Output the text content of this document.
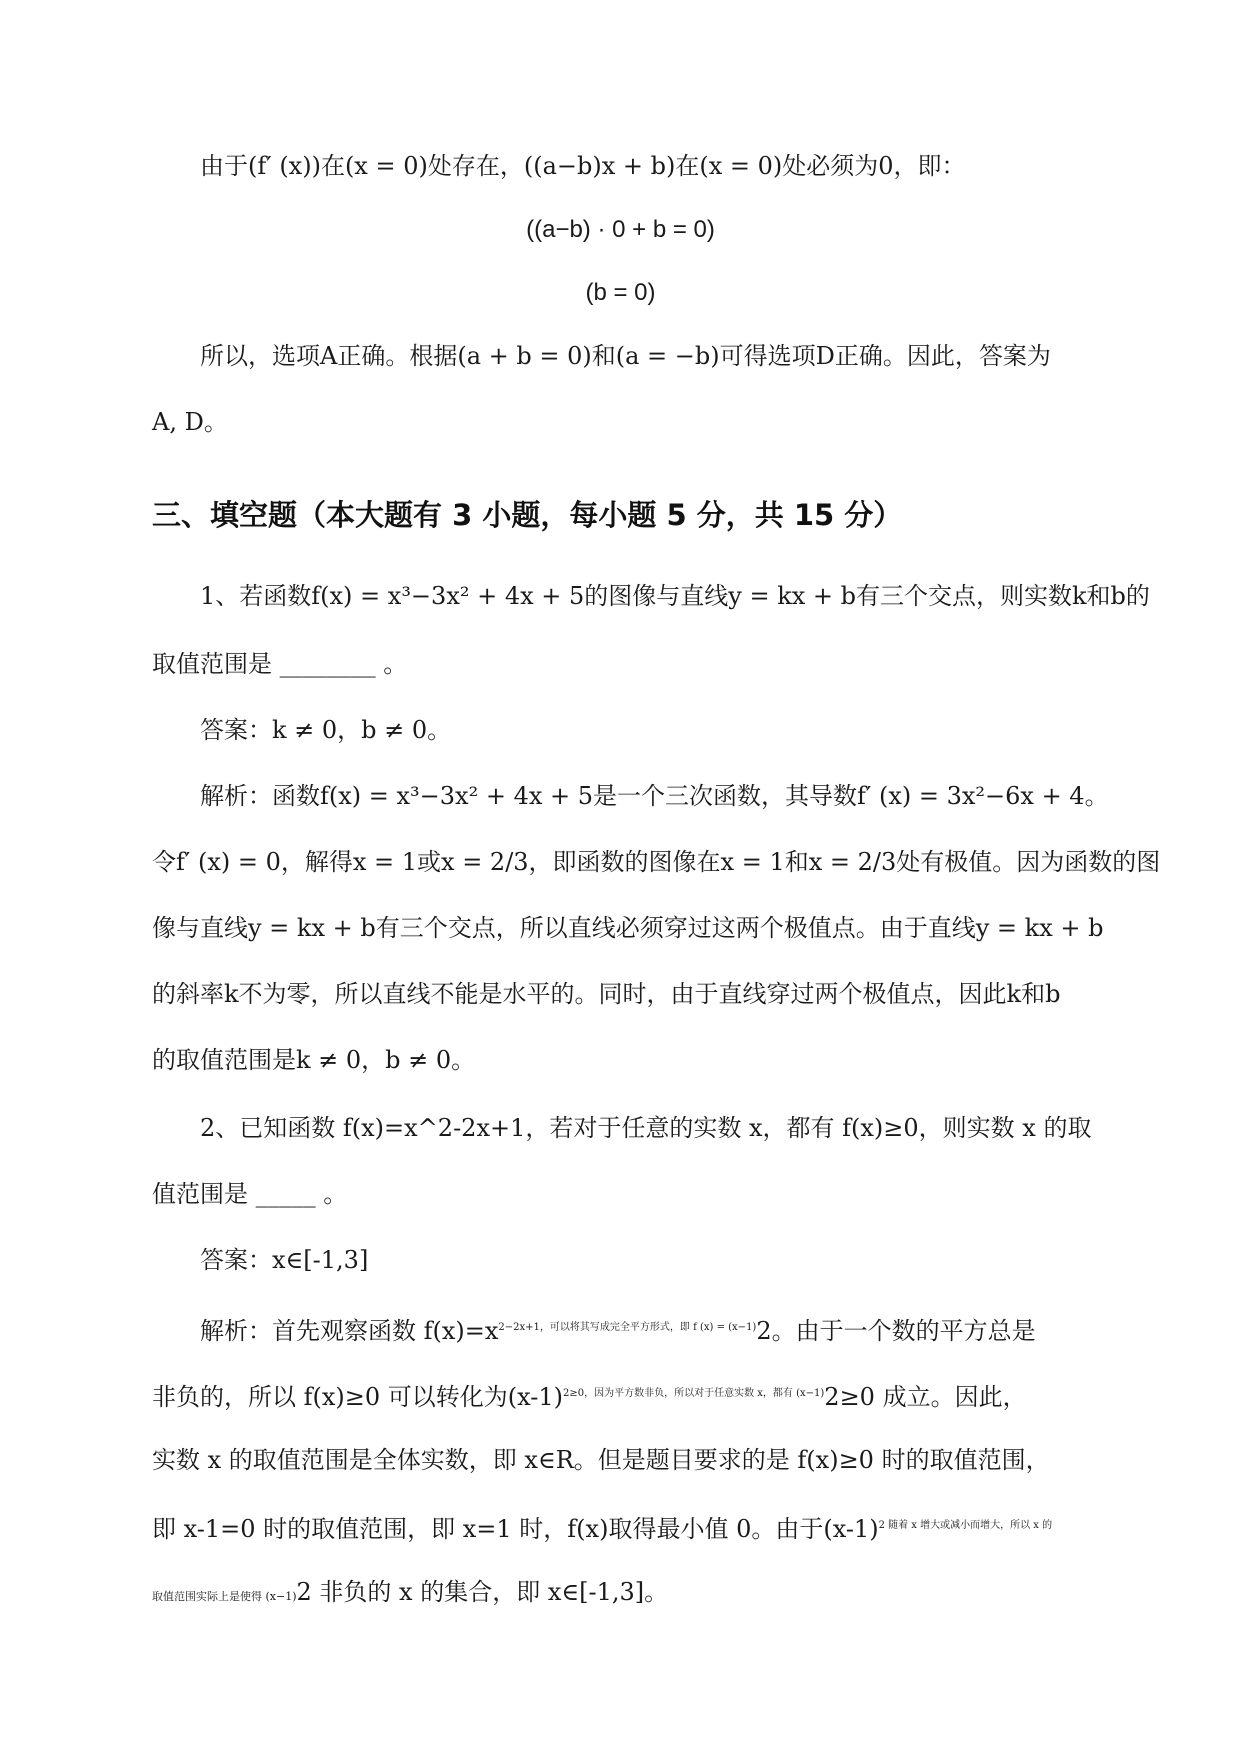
由于(f′ (x))在(x = 0)处存在，((a−b)x + b)在(x = 0)处必须为0，即：
((a−b) · 0 + b = 0)
(b = 0)
所以，选项A正确。根据(a + b = 0)和(a = −b)可得选项D正确。因此，答案为
A, D。
三、填空题（本大题有 3 小题，每小题 5 分，共 15 分）
1、若函数f(x) = x³−3x² + 4x + 5的图像与直线y = kx + b有三个交点，则实数k和b的
取值范围是 ________ 。
答案：k ≠ 0，b ≠ 0。
解析：函数f(x) = x³−3x² + 4x + 5是一个三次函数，其导数f′ (x) = 3x²−6x + 4。
令f′ (x) = 0，解得x = 1或x = 2/3，即函数的图像在x = 1和x = 2/3处有极值。因为函数的图
像与直线y = kx + b有三个交点，所以直线必须穿过这两个极值点。由于直线y = kx + b
的斜率k不为零，所以直线不能是水平的。同时，由于直线穿过两个极值点，因此k和b
的取值范围是k ≠ 0，b ≠ 0。
2、已知函数 f(x)=x^2-2x+1，若对于任意的实数 x，都有 f(x)≥0，则实数 x 的取
值范围是 _____ 。
答案：x∈[-1,3]
解析：首先观察函数 $f(x)=x^{2-2x+1,可以将其写成完全平方形式,即 f (x) = (x-1)}2$。由于一个数的平方总是
非负的，所以 f(x)≥0 可以转化为$(x-1)^{2\ge 0,因为平方数非负,所以对于任意实数 x,都有 (x-1)}2\ge 0$ 成立。因此，
实数 x 的取值范围是全体实数，即 x∈R。但是题目要求的是 f(x)≥0 时的取值范围，
即 x-1=0 时的取值范围，即 x=1 时，f(x)取得最小值 0。由于$(x-1)^{2 随着 x 增大或减小而增大,所以 x 的}$
取值范围实际上是使得 (x−1)2 非负的 x 的集合，即 x∈[-1,3]。
